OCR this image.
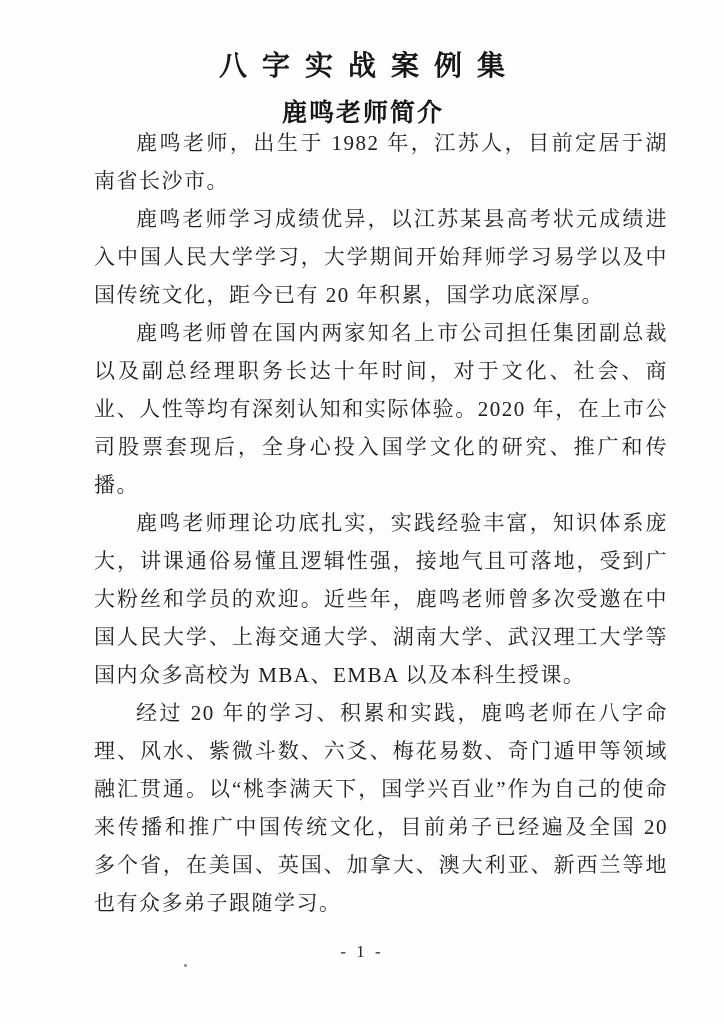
八字实战案例集
鹿鸣老师简介

鹿鸣老师，出生于 1982 年，江苏人，目前定居于湖南省长沙市。

鹿鸣老师学习成绩优异，以江苏某县高考状元成绩进入中国人民大学学习，大学期间开始拜师学习易学以及中国传统文化，距今已有 20 年积累，国学功底深厚。

鹿鸣老师曾在国内两家知名上市公司担任集团副总裁以及副总经理职务长达十年时间，对于文化、社会、商业、人性等均有深刻认知和实际体验。2020 年，在上市公司股票套现后，全身心投入国学文化的研究、推广和传播。

鹿鸣老师理论功底扎实，实践经验丰富，知识体系庞大，讲课通俗易懂且逻辑性强，接地气且可落地，受到广大粉丝和学员的欢迎。近些年，鹿鸣老师曾多次受邀在中国人民大学、上海交通大学、湖南大学、武汉理工大学等国内众多高校为 MBA、EMBA 以及本科生授课。

经过 20 年的学习、积累和实践，鹿鸣老师在八字命理、风水、紫微斗数、六爻、梅花易数、奇门遁甲等领域融汇贯通。以“桃李满天下，国学兴百业”作为自己的使命来传播和推广中国传统文化，目前弟子已经遍及全国 20 多个省，在美国、英国、加拿大、澳大利亚、新西兰等地也有众多弟子跟随学习。

- 1 -
